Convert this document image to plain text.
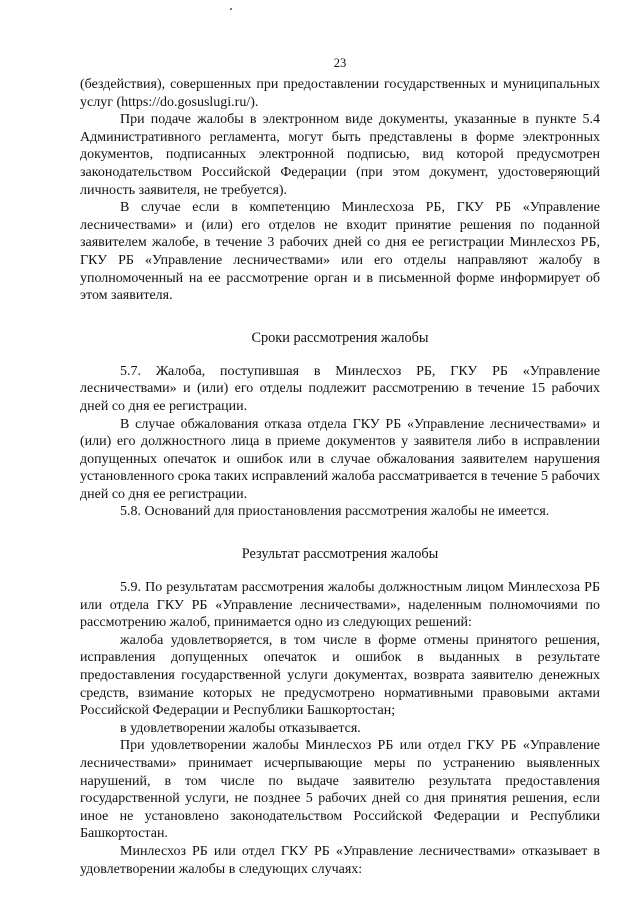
23

(бездействия), совершенных при предоставлении государственных и муниципальных услуг (https://do.gosuslugi.ru/).

При подаче жалобы в электронном виде документы, указанные в пункте 5.4 Административного регламента, могут быть представлены в форме электронных документов, подписанных электронной подписью, вид которой предусмотрен законодательством Российской Федерации (при этом документ, удостоверяющий личность заявителя, не требуется).

В случае если в компетенцию Минлесхоза РБ, ГКУ РБ «Управление лесничествами» и (или) его отделов не входит принятие решения по поданной заявителем жалобе, в течение 3 рабочих дней со дня ее регистрации Минлесхоз РБ, ГКУ РБ «Управление лесничествами» или его отделы направляют жалобу в уполномоченный на ее рассмотрение орган и в письменной форме информирует об этом заявителя.

Сроки рассмотрения жалобы

5.7. Жалоба, поступившая в Минлесхоз РБ, ГКУ РБ «Управление лесничествами» и (или) его отделы подлежит рассмотрению в течение 15 рабочих дней со дня ее регистрации.

В случае обжалования отказа отдела ГКУ РБ «Управление лесничествами» и (или) его должностного лица в приеме документов у заявителя либо в исправлении допущенных опечаток и ошибок или в случае обжалования заявителем нарушения установленного срока таких исправлений жалоба рассматривается в течение 5 рабочих дней со дня ее регистрации.

5.8. Оснований для приостановления рассмотрения жалобы не имеется.

Результат рассмотрения жалобы

5.9. По результатам рассмотрения жалобы должностным лицом Минлесхоза РБ или отдела ГКУ РБ «Управление лесничествами», наделенным полномочиями по рассмотрению жалоб, принимается одно из следующих решений:

жалоба удовлетворяется, в том числе в форме отмены принятого решения, исправления допущенных опечаток и ошибок в выданных в результате предоставления государственной услуги документах, возврата заявителю денежных средств, взимание которых не предусмотрено нормативными правовыми актами Российской Федерации и Республики Башкортостан;

в удовлетворении жалобы отказывается.

При удовлетворении жалобы Минлесхоз РБ или отдел ГКУ РБ «Управление лесничествами» принимает исчерпывающие меры по устранению выявленных нарушений, в том числе по выдаче заявителю результата предоставления государственной услуги, не позднее 5 рабочих дней со дня принятия решения, если иное не установлено законодательством Российской Федерации и Республики Башкортостан.

Минлесхоз РБ или отдел ГКУ РБ «Управление лесничествами» отказывает в удовлетворении жалобы в следующих случаях:
